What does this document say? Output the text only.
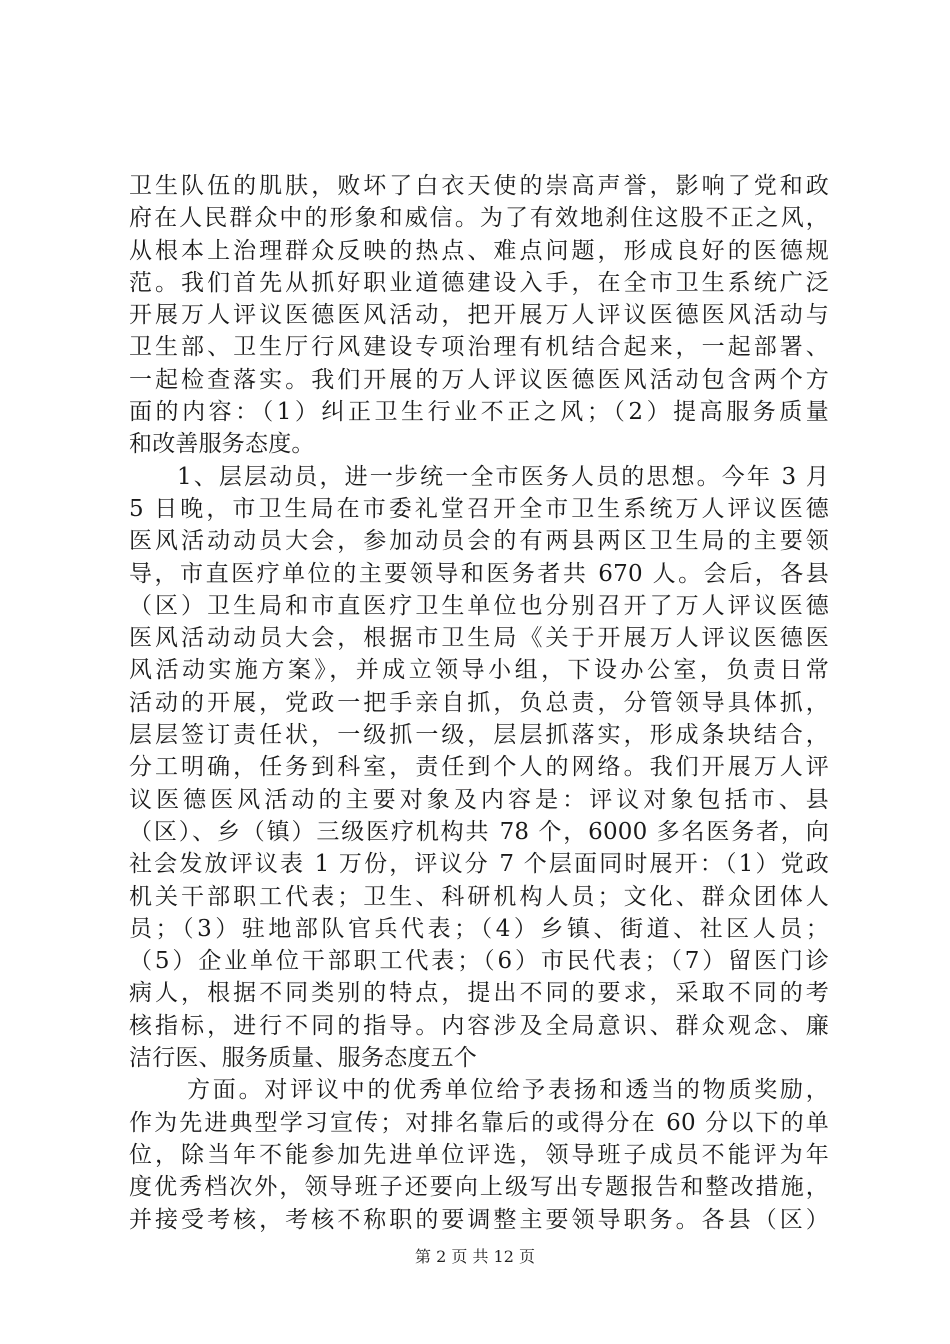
卫生队伍的肌肤，败坏了白衣天使的崇高声誉，影响了党和政
府在人民群众中的形象和威信。为了有效地刹住这股不正之风，
从根本上治理群众反映的热点、难点问题，形成良好的医德规
范。我们首先从抓好职业道德建设入手，在全市卫生系统广泛
开展万人评议医德医风活动，把开展万人评议医德医风活动与
卫生部、卫生厅行风建设专项治理有机结合起来，一起部署、
一起检查落实。我们开展的万人评议医德医风活动包含两个方
面的内容：（1）纠正卫生行业不正之风；（2）提高服务质量
和改善服务态度。
1、层层动员，进一步统一全市医务人员的思想。今年 3 月
5 日晚，市卫生局在市委礼堂召开全市卫生系统万人评议医德
医风活动动员大会，参加动员会的有两县两区卫生局的主要领
导，市直医疗单位的主要领导和医务者共 670 人。会后，各县
（区）卫生局和市直医疗卫生单位也分别召开了万人评议医德
医风活动动员大会，根据市卫生局《关于开展万人评议医德医
风活动实施方案》，并成立领导小组，下设办公室，负责日常
活动的开展，党政一把手亲自抓，负总责，分管领导具体抓，
层层签订责任状，一级抓一级，层层抓落实，形成条块结合，
分工明确，任务到科室，责任到个人的网络。我们开展万人评
议医德医风活动的主要对象及内容是：评议对象包括市、县
（区）、乡（镇）三级医疗机构共 78 个，6000 多名医务者，向
社会发放评议表 1 万份，评议分 7 个层面同时展开：（1）党政
机关干部职工代表；卫生、科研机构人员；文化、群众团体人
员；（3）驻地部队官兵代表；（4）乡镇、街道、社区人员；
（5）企业单位干部职工代表；（6）市民代表；（7）留医门诊
病人，根据不同类别的特点，提出不同的要求，采取不同的考
核指标，进行不同的指导。内容涉及全局意识、群众观念、廉
洁行医、服务质量、服务态度五个
方面。对评议中的优秀单位给予表扬和透当的物质奖励，
作为先进典型学习宣传；对排名靠后的或得分在 60 分以下的单
位，除当年不能参加先进单位评选，领导班子成员不能评为年
度优秀档次外，领导班子还要向上级写出专题报告和整改措施，
并接受考核，考核不称职的要调整主要领导职务。各县（区）
第 2 页 共 12 页
